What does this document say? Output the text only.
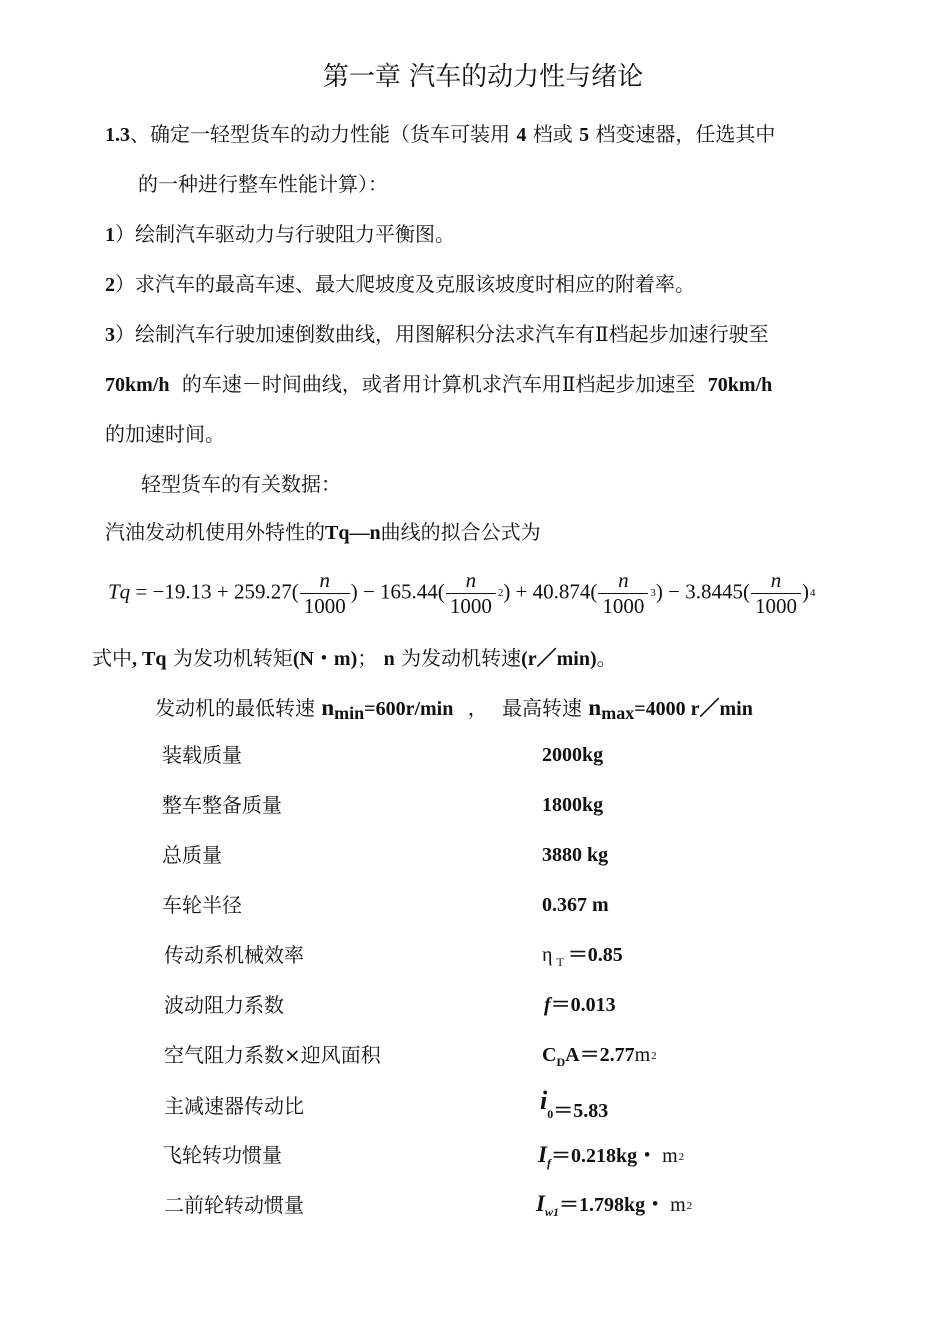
第一章 汽车的动力性与绪论
1.3、确定一轻型货车的动力性能（货车可装用 4 档或 5 档变速器，任选其中
的一种进行整车性能计算）：
1）绘制汽车驱动力与行驶阻力平衡图。
2）求汽车的最高车速、最大爬坡度及克服该坡度时相应的附着率。
3）绘制汽车行驶加速倒数曲线，用图解积分法求汽车有Ⅱ档起步加速行驶至
70km/h 的车速－时间曲线，或者用计算机求汽车用Ⅱ档起步加速至 70km/h
的加速时间。
轻型货车的有关数据：
汽油发动机使用外特性的Tq—n曲线的拟合公式为
$Tq = -19.13 + 259.27( \frac{n}{1000}$ ) − $165.44( \frac{n}{1000} 2) + 40.874( \frac{n}{1000} 3) - 3.8445( \frac{n}{1000} )4$
式中, Tq 为发功机转矩(N・m)； n 为发动机转速(r／min)。
发动机的最低转速 nmin=600r/min ， 最高转速 nmax=4000 r／min
装载质量	2000kg
整车整备质量	1800kg
总质量	3880 kg
车轮半径	0.367 m
传动系机械效率	η $_T$ ＝0.85
波动阻力系数	f＝0.013
空气阻力系数×迎风面积	$C_DA=2.77m2$
主减速器传动比	$i_0=5.83$
飞轮转功惯量	$I_f=0.218kg$・ m2
二前轮转动惯量	$I_{w1}=1.798kg$・ m2
